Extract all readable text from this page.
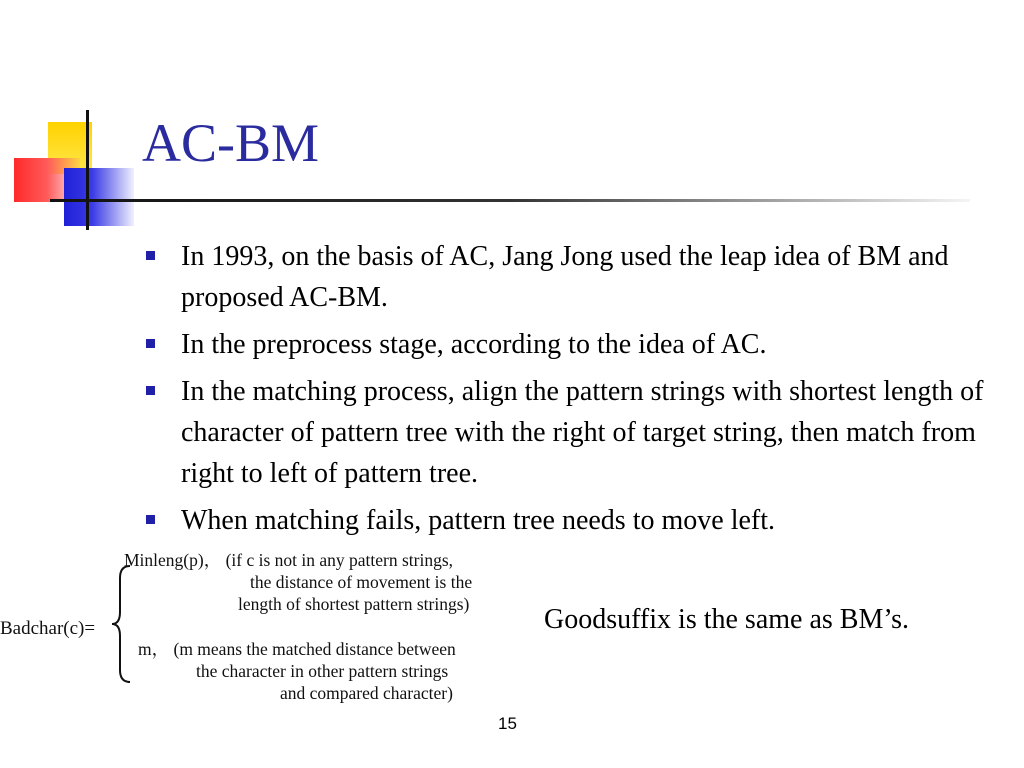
AC-BM
In 1993, on the basis of AC, Jang Jong used the leap idea of BM and proposed AC-BM.
In the preprocess stage, according to the idea of AC.
In the matching process, align the pattern strings with shortest length of character of pattern tree with the right of target string, then match from right to left of pattern tree.
When matching fails, pattern tree needs to move left.
Badchar(c)=
Minleng(p)， (if c is not in any pattern strings,
the distance of movement is the
length of shortest pattern strings)
m， (m means the matched distance between
the character in other pattern strings
and compared character)
Goodsuffix is the same as BM’s.
15
